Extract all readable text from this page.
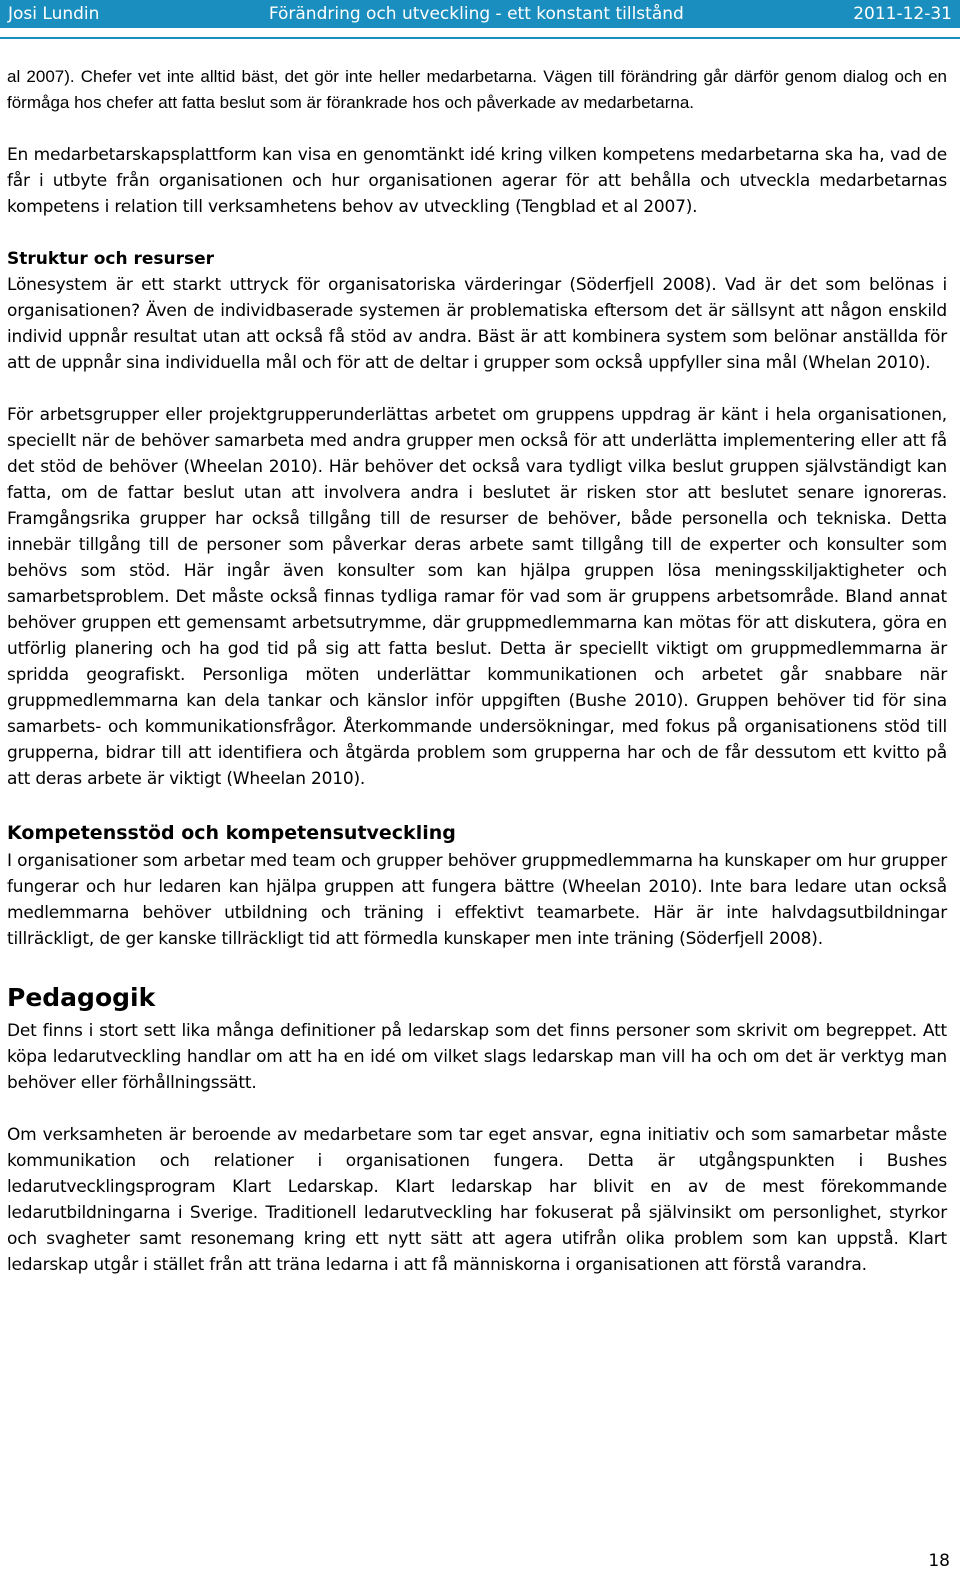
Josi Lundin	Förändring och utveckling - ett konstant tillstånd	2011-12-31

al 2007). Chefer vet inte alltid bäst, det gör inte heller medarbetarna. Vägen till förändring går därför genom dialog och en förmåga hos chefer att fatta beslut som är förankrade hos och påverkade av medarbetarna.

En medarbetarskapsplattform kan visa en genomtänkt idé kring vilken kompetens medarbetarna ska ha, vad de får i utbyte från organisationen och hur organisationen agerar för att behålla och utveckla medarbetarnas kompetens i relation till verksamhetens behov av utveckling (Tengblad et al 2007).

Struktur och resurser

Lönesystem är ett starkt uttryck för organisatoriska värderingar (Söderfjell 2008). Vad är det som belönas i organisationen? Även de individbaserade systemen är problematiska eftersom det är sällsynt att någon enskild individ uppnår resultat utan att också få stöd av andra. Bäst är att kombinera system som belönar anställda för att de uppnår sina individuella mål och för att de deltar i grupper som också uppfyller sina mål (Whelan 2010).

För arbetsgrupper eller projektgrupperunderlättas arbetet om gruppens uppdrag är känt i hela organisationen, speciellt när de behöver samarbeta med andra grupper men också för att underlätta implementering eller att få det stöd de behöver (Wheelan 2010). Här behöver det också vara tydligt vilka beslut gruppen självständigt kan fatta, om de fattar beslut utan att involvera andra i beslutet är risken stor att beslutet senare ignoreras. Framgångsrika grupper har också tillgång till de resurser de behöver, både personella och tekniska. Detta innebär tillgång till de personer som påverkar deras arbete samt tillgång till de experter och konsulter som behövs som stöd. Här ingår även konsulter som kan hjälpa gruppen lösa meningsskiljaktigheter och samarbetsproblem. Det måste också finnas tydliga ramar för vad som är gruppens arbetsområde. Bland annat behöver gruppen ett gemensamt arbetsutrymme, där gruppmedlemmarna kan mötas för att diskutera, göra en utförlig planering och ha god tid på sig att fatta beslut. Detta är speciellt viktigt om gruppmedlemmarna är spridda geografiskt. Personliga möten underlättar kommunikationen och arbetet går snabbare när gruppmedlemmarna kan dela tankar och känslor inför uppgiften (Bushe 2010). Gruppen behöver tid för sina samarbets- och kommunikationsfrågor. Återkommande undersökningar, med fokus på organisationens stöd till grupperna, bidrar till att identifiera och åtgärda problem som grupperna har och de får dessutom ett kvitto på att deras arbete är viktigt (Wheelan 2010).

Kompetensstöd och kompetensutveckling

I organisationer som arbetar med team och grupper behöver gruppmedlemmarna ha kunskaper om hur grupper fungerar och hur ledaren kan hjälpa gruppen att fungera bättre (Wheelan 2010). Inte bara ledare utan också medlemmarna behöver utbildning och träning i effektivt teamarbete. Här är inte halvdagsutbildningar tillräckligt, de ger kanske tillräckligt tid att förmedla kunskaper men inte träning (Söderfjell 2008).

Pedagogik

Det finns i stort sett lika många definitioner på ledarskap som det finns personer som skrivit om begreppet. Att köpa ledarutveckling handlar om att ha en idé om vilket slags ledarskap man vill ha och om det är verktyg man behöver eller förhållningssätt.

Om verksamheten är beroende av medarbetare som tar eget ansvar, egna initiativ och som samarbetar måste kommunikation och relationer i organisationen fungera. Detta är utgångspunkten i Bushes ledarutvecklingsprogram Klart Ledarskap. Klart ledarskap har blivit en av de mest förekommande ledarutbildningarna i Sverige. Traditionell ledarutveckling har fokuserat på självinsikt om personlighet, styrkor och svagheter samt resonemang kring ett nytt sätt att agera utifrån olika problem som kan uppstå. Klart ledarskap utgår i stället från att träna ledarna i att få människorna i organisationen att förstå varandra.

18
